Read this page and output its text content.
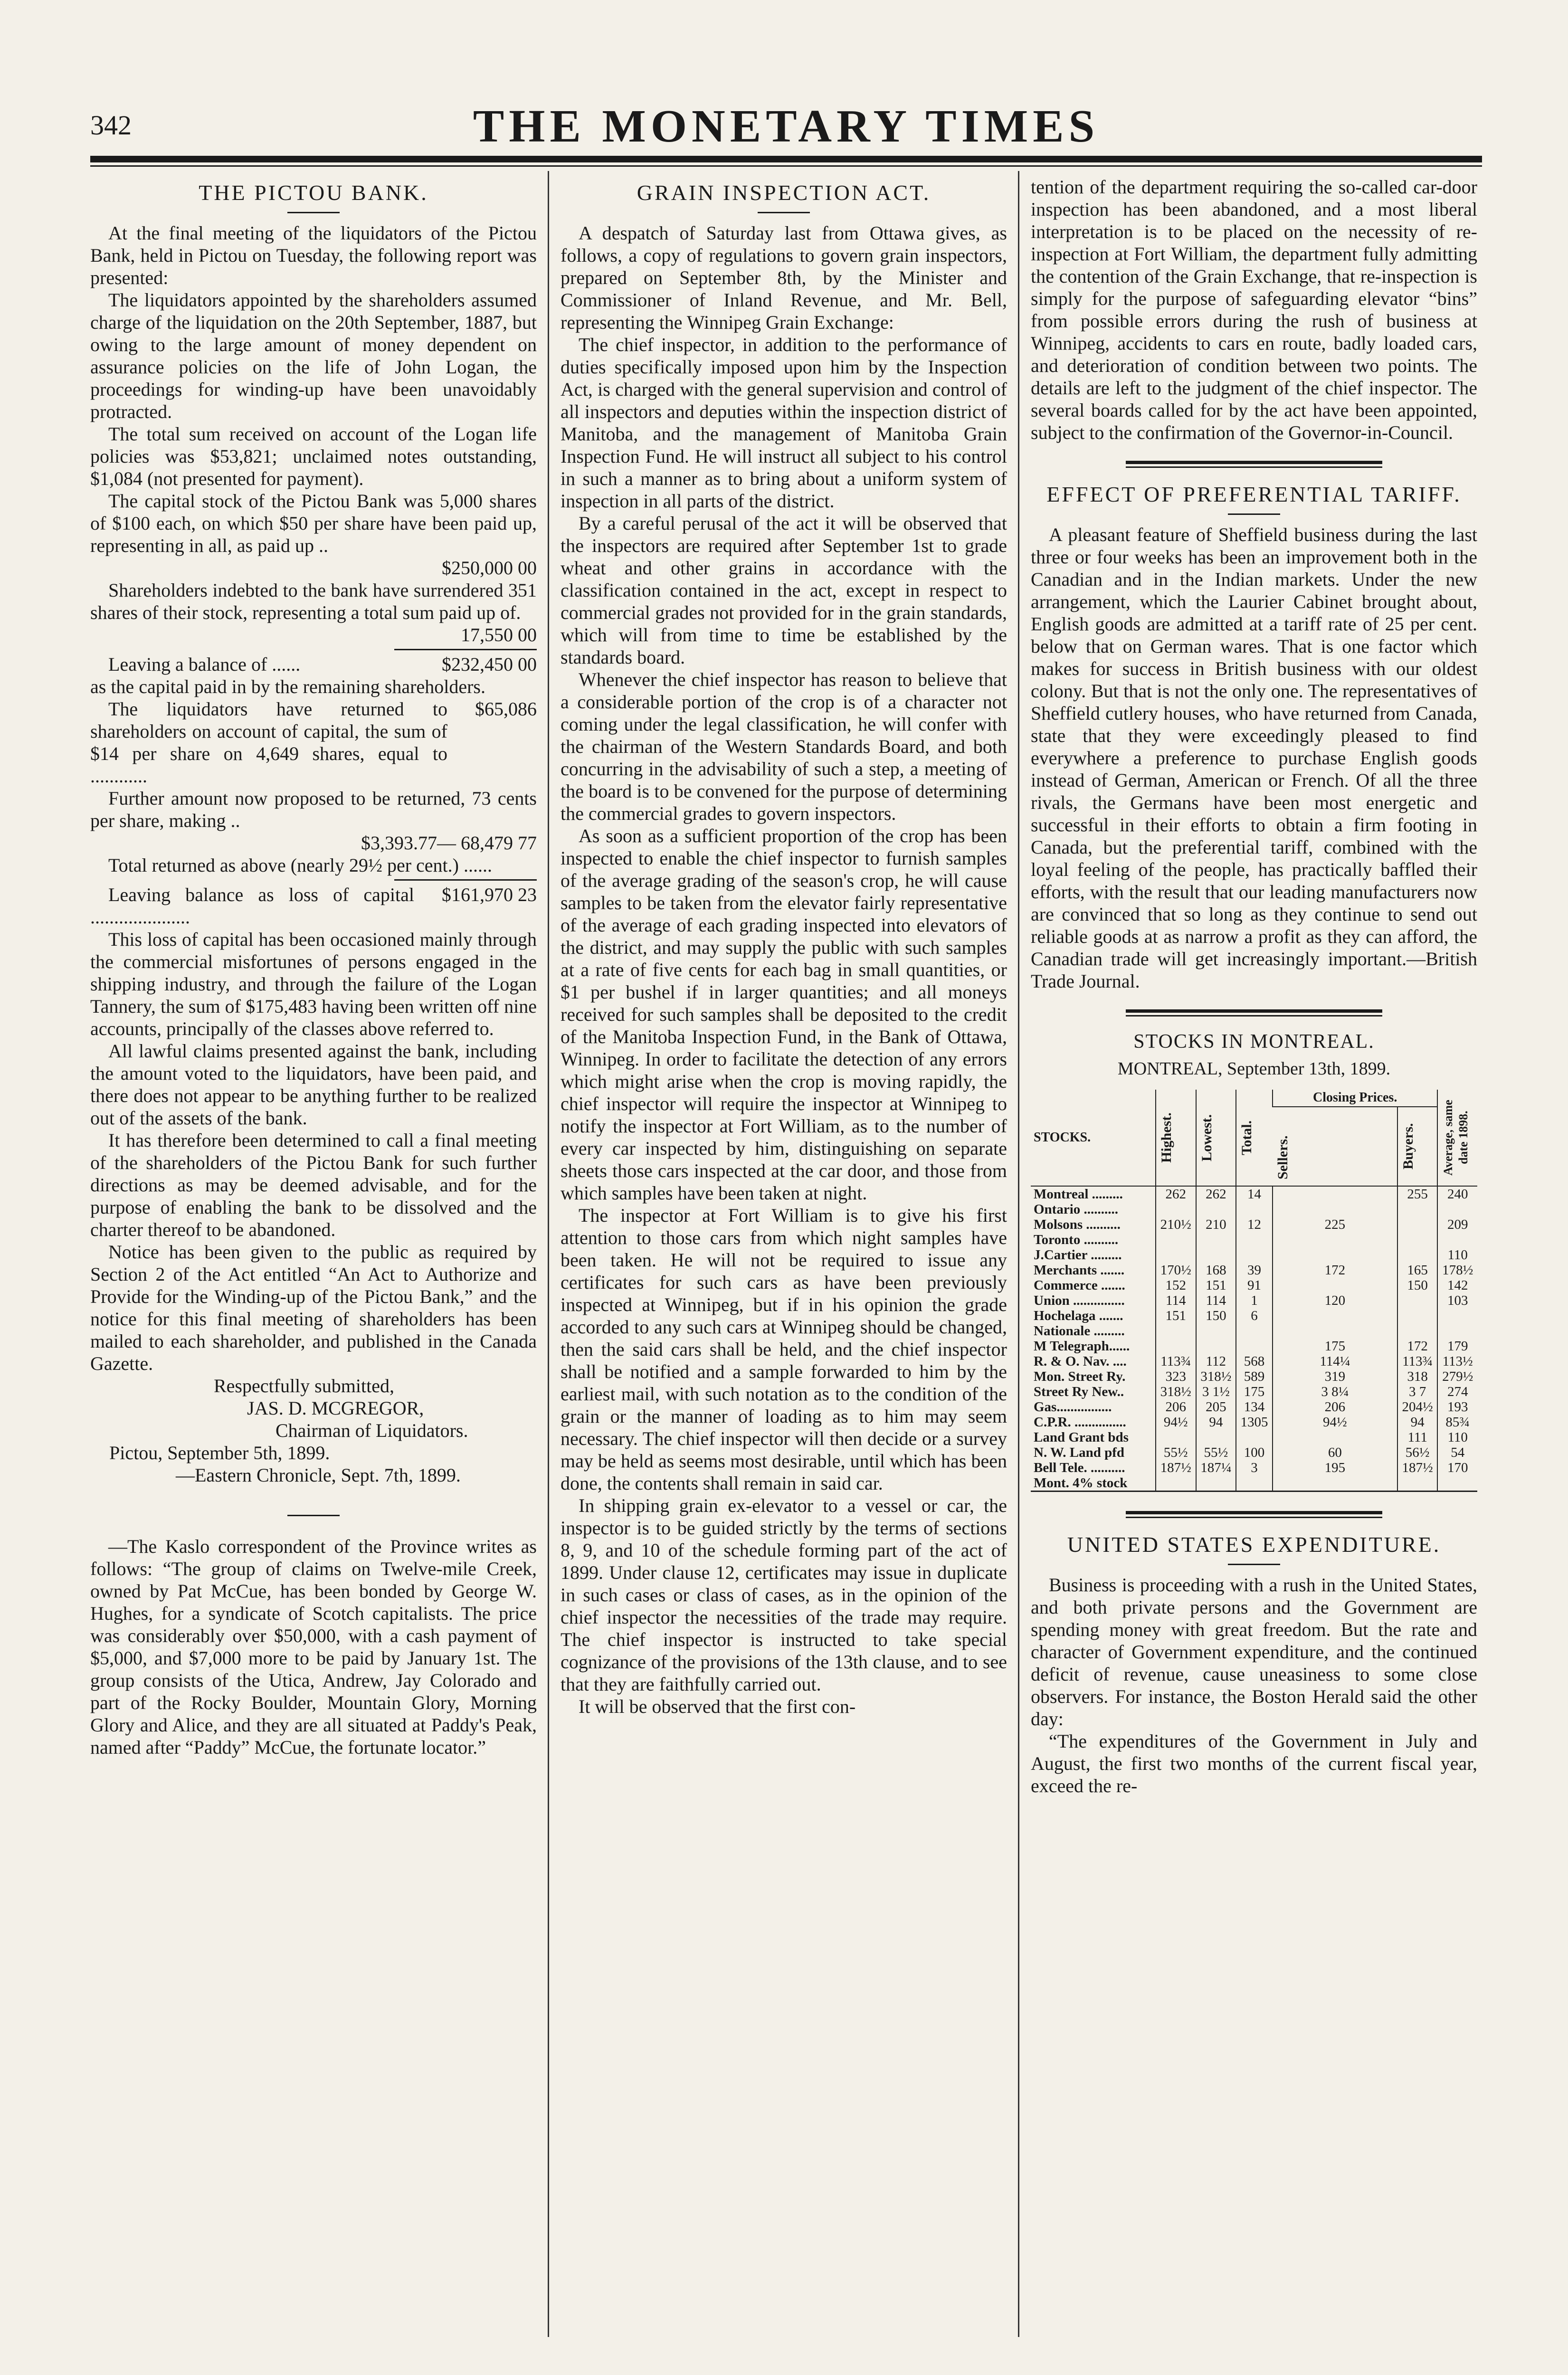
342	THE MONETARY TIMES
THE PICTOU BANK.

At the final meeting of the liquidators of the Pictou Bank, held in Pictou on Tuesday, the following report was presented:

The liquidators appointed by the shareholders assumed charge of the liquidation on the 20th September, 1887, but owing to the large amount of money dependent on assurance policies on the life of John Logan, the proceedings for winding-up have been unavoidably protracted.

The total sum received on account of the Logan life policies was $53,821; unclaimed notes outstanding, $1,084 (not presented for payment).

The capital stock of the Pictou Bank was 5,000 shares of $100 each, on which $50 per share have been paid up, representing in all, as paid up ..

$250,000 00

Shareholders indebted to the bank have surrendered 351 shares of their stock, representing a total sum paid up of.

17,550 00

Leaving a balance of ......	$232,450 00

as the capital paid in by the remaining shareholders.

The liquidators have returned to shareholders on account of capital, the sum of $14 per share on 4,649 shares, equal to ............
$65,086

Further amount now proposed to be returned, 73 cents per share, making ..

$3,393.77— 68,479 77

Total returned as above (nearly 29½ per cent.) ......

Leaving balance as loss of capital .....................
$161,970 23

This loss of capital has been occasioned mainly through the commercial misfortunes of persons engaged in the shipping industry, and through the failure of the Logan Tannery, the sum of $175,483 having been written off nine accounts, principally of the classes above referred to.

All lawful claims presented against the bank, including the amount voted to the liquidators, have been paid, and there does not appear to be anything further to be realized out of the assets of the bank.

It has therefore been determined to call a final meeting of the shareholders of the Pictou Bank for such further directions as may be deemed advisable, and for the purpose of enabling the bank to be dissolved and the charter thereof to be abandoned.

Notice has been given to the public as required by Section 2 of the Act entitled “An Act to Authorize and Provide for the Winding-up of the Pictou Bank,” and the notice for this final meeting of shareholders has been mailed to each shareholder, and published in the Canada Gazette.

Respectfully submitted,
JAS. D. MCGREGOR,
Chairman of Liquidators.
Pictou, September 5th, 1899.
—Eastern Chronicle, Sept. 7th, 1899.

—The Kaslo correspondent of the Province writes as follows: “The group of claims on Twelve-mile Creek, owned by Pat McCue, has been bonded by George W. Hughes, for a syndicate of Scotch capitalists. The price was considerably over $50,000, with a cash payment of $5,000, and $7,000 more to be paid by January 1st. The group consists of the Utica, Andrew, Jay Colorado and part of the Rocky Boulder, Mountain Glory, Morning Glory and Alice, and they are all situated at Paddy's Peak, named after “Paddy” McCue, the fortunate locator.”

GRAIN INSPECTION ACT.

A despatch of Saturday last from Ottawa gives, as follows, a copy of regulations to govern grain inspectors, prepared on September 8th, by the Minister and Commissioner of Inland Revenue, and Mr. Bell, representing the Winnipeg Grain Exchange:

The chief inspector, in addition to the performance of duties specifically imposed upon him by the Inspection Act, is charged with the general supervision and control of all inspectors and deputies within the inspection district of Manitoba, and the management of Manitoba Grain Inspection Fund. He will instruct all subject to his control in such a manner as to bring about a uniform system of inspection in all parts of the district.

By a careful perusal of the act it will be observed that the inspectors are required after September 1st to grade wheat and other grains in accordance with the classification contained in the act, except in respect to commercial grades not provided for in the grain standards, which will from time to time be established by the standards board.

Whenever the chief inspector has reason to believe that a considerable portion of the crop is of a character not coming under the legal classification, he will confer with the chairman of the Western Standards Board, and both concurring in the advisability of such a step, a meeting of the board is to be convened for the purpose of determining the commercial grades to govern inspectors.

As soon as a sufficient proportion of the crop has been inspected to enable the chief inspector to furnish samples of the average grading of the season's crop, he will cause samples to be taken from the elevator fairly representative of the average of each grading inspected into elevators of the district, and may supply the public with such samples at a rate of five cents for each bag in small quantities, or $1 per bushel if in larger quantities; and all moneys received for such samples shall be deposited to the credit of the Manitoba Inspection Fund, in the Bank of Ottawa, Winnipeg. In order to facilitate the detection of any errors which might arise when the crop is moving rapidly, the chief inspector will require the inspector at Winnipeg to notify the inspector at Fort William, as to the number of every car inspected by him, distinguishing on separate sheets those cars inspected at the car door, and those from which samples have been taken at night.

The inspector at Fort William is to give his first attention to those cars from which night samples have been taken. He will not be required to issue any certificates for such cars as have been previously inspected at Winnipeg, but if in his opinion the grade accorded to any such cars at Winnipeg should be changed, then the said cars shall be held, and the chief inspector shall be notified and a sample forwarded to him by the earliest mail, with such notation as to the condition of the grain or the manner of loading as to him may seem necessary. The chief inspector will then decide or a survey may be held as seems most desirable, until which has been done, the contents shall remain in said car.

In shipping grain ex-elevator to a vessel or car, the inspector is to be guided strictly by the terms of sections 8, 9, and 10 of the schedule forming part of the act of 1899. Under clause 12, certificates may issue in duplicate in such cases or class of cases, as in the opinion of the chief inspector the necessities of the trade may require. The chief inspector is instructed to take special cognizance of the provisions of the 13th clause, and to see that they are faithfully carried out.

It will be observed that the first con-

tention of the department requiring the so-called car-door inspection has been abandoned, and a most liberal interpretation is to be placed on the necessity of re-inspection at Fort William, the department fully admitting the contention of the Grain Exchange, that re-inspection is simply for the purpose of safeguarding elevator “bins” from possible errors during the rush of business at Winnipeg, accidents to cars en route, badly loaded cars, and deterioration of condition between two points. The details are left to the judgment of the chief inspector. The several boards called for by the act have been appointed, subject to the confirmation of the Governor-in-Council.

EFFECT OF PREFERENTIAL TARIFF.

A pleasant feature of Sheffield business during the last three or four weeks has been an improvement both in the Canadian and in the Indian markets. Under the new arrangement, which the Laurier Cabinet brought about, English goods are admitted at a tariff rate of 25 per cent. below that on German wares. That is one factor which makes for success in British business with our oldest colony. But that is not the only one. The representatives of Sheffield cutlery houses, who have returned from Canada, state that they were exceedingly pleased to find everywhere a preference to purchase English goods instead of German, American or French. Of all the three rivals, the Germans have been most energetic and successful in their efforts to obtain a firm footing in Canada, but the preferential tariff, combined with the loyal feeling of the people, has practically baffled their efforts, with the result that our leading manufacturers now are convinced that so long as they continue to send out reliable goods at as narrow a profit as they can afford, the Canadian trade will get increasingly important.—British Trade Journal.

STOCKS IN MONTREAL.
MONTREAL, September 13th, 1899.
STOCKS.	Highest.	Lowest.	Total.	Closing Prices.		Average, same date 1898.

				Sellers.	Buyers.	

Montreal .........	262	262	14		255	240
Ontario ..........						
Molsons ..........	210½	210	12	225		209
Toronto ..........						
J.Cartier .........						110
Merchants .......	170½	168	39	172	165	178½
Commerce .......	152	151	91		150	142
Union ...............	114	114	1	120		103
Hochelaga .......	151	150	6			
Nationale .........						
M Telegraph......				175	172	179
R. & O. Nav. ....	113¾	112	568	114¼	113¾	113½
Mon. Street Ry.	323	318½	589	319	318	279½
Street Ry New..	318½	3 1½	175	3 8¼	3 7	274
Gas................	206	205	134	206	204½	193
C.P.R. ...............	94½	94	1305	94½	94	85¾
Land Grant bds					111	110
N. W. Land pfd	55½	55½	100	60	56½	54
Bell Tele. ..........	187½	187¼	3	195	187½	170
Mont. 4% stock						
UNITED STATES EXPENDITURE.

Business is proceeding with a rush in the United States, and both private persons and the Government are spending money with great freedom. But the rate and character of Government expenditure, and the continued deficit of revenue, cause uneasiness to some close observers. For instance, the Boston Herald said the other day:

“The expenditures of the Government in July and August, the first two months of the current fiscal year, exceed the re-
